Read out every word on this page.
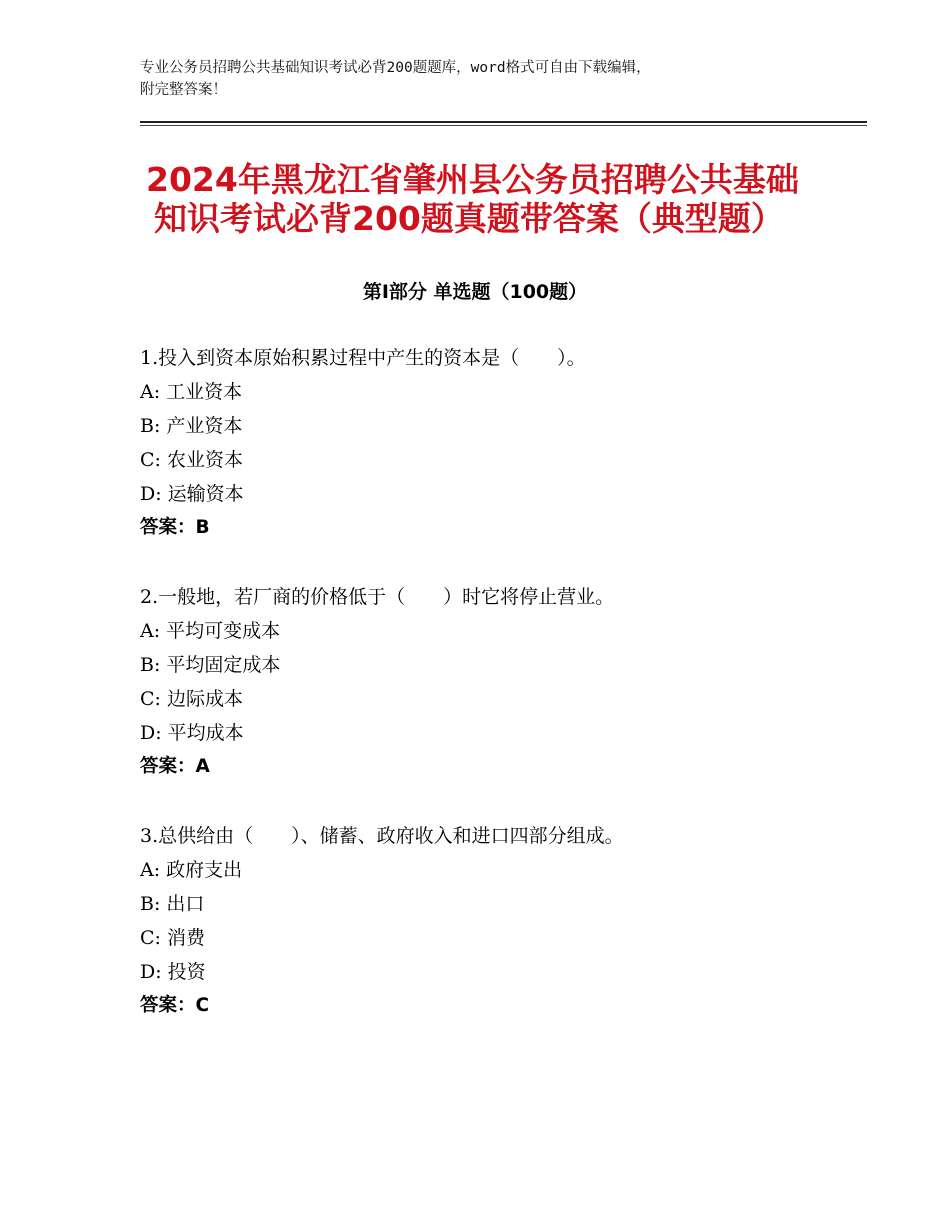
专业公务员招聘公共基础知识考试必背200题题库，word格式可自由下载编辑，
附完整答案！
2024年黑龙江省肇州县公务员招聘公共基础
知识考试必背200题真题带答案（典型题）
第Ⅰ部分 单选题（100题）
1.投入到资本原始积累过程中产生的资本是（　　）。
A: 工业资本
B: 产业资本
C: 农业资本
D: 运输资本
答案：B
2.一般地，若厂商的价格低于（　　）时它将停止营业。
A: 平均可变成本
B: 平均固定成本
C: 边际成本
D: 平均成本
答案：A
3.总供给由（　　）、储蓄、政府收入和进口四部分组成。
A: 政府支出
B: 出口
C: 消费
D: 投资
答案：C
